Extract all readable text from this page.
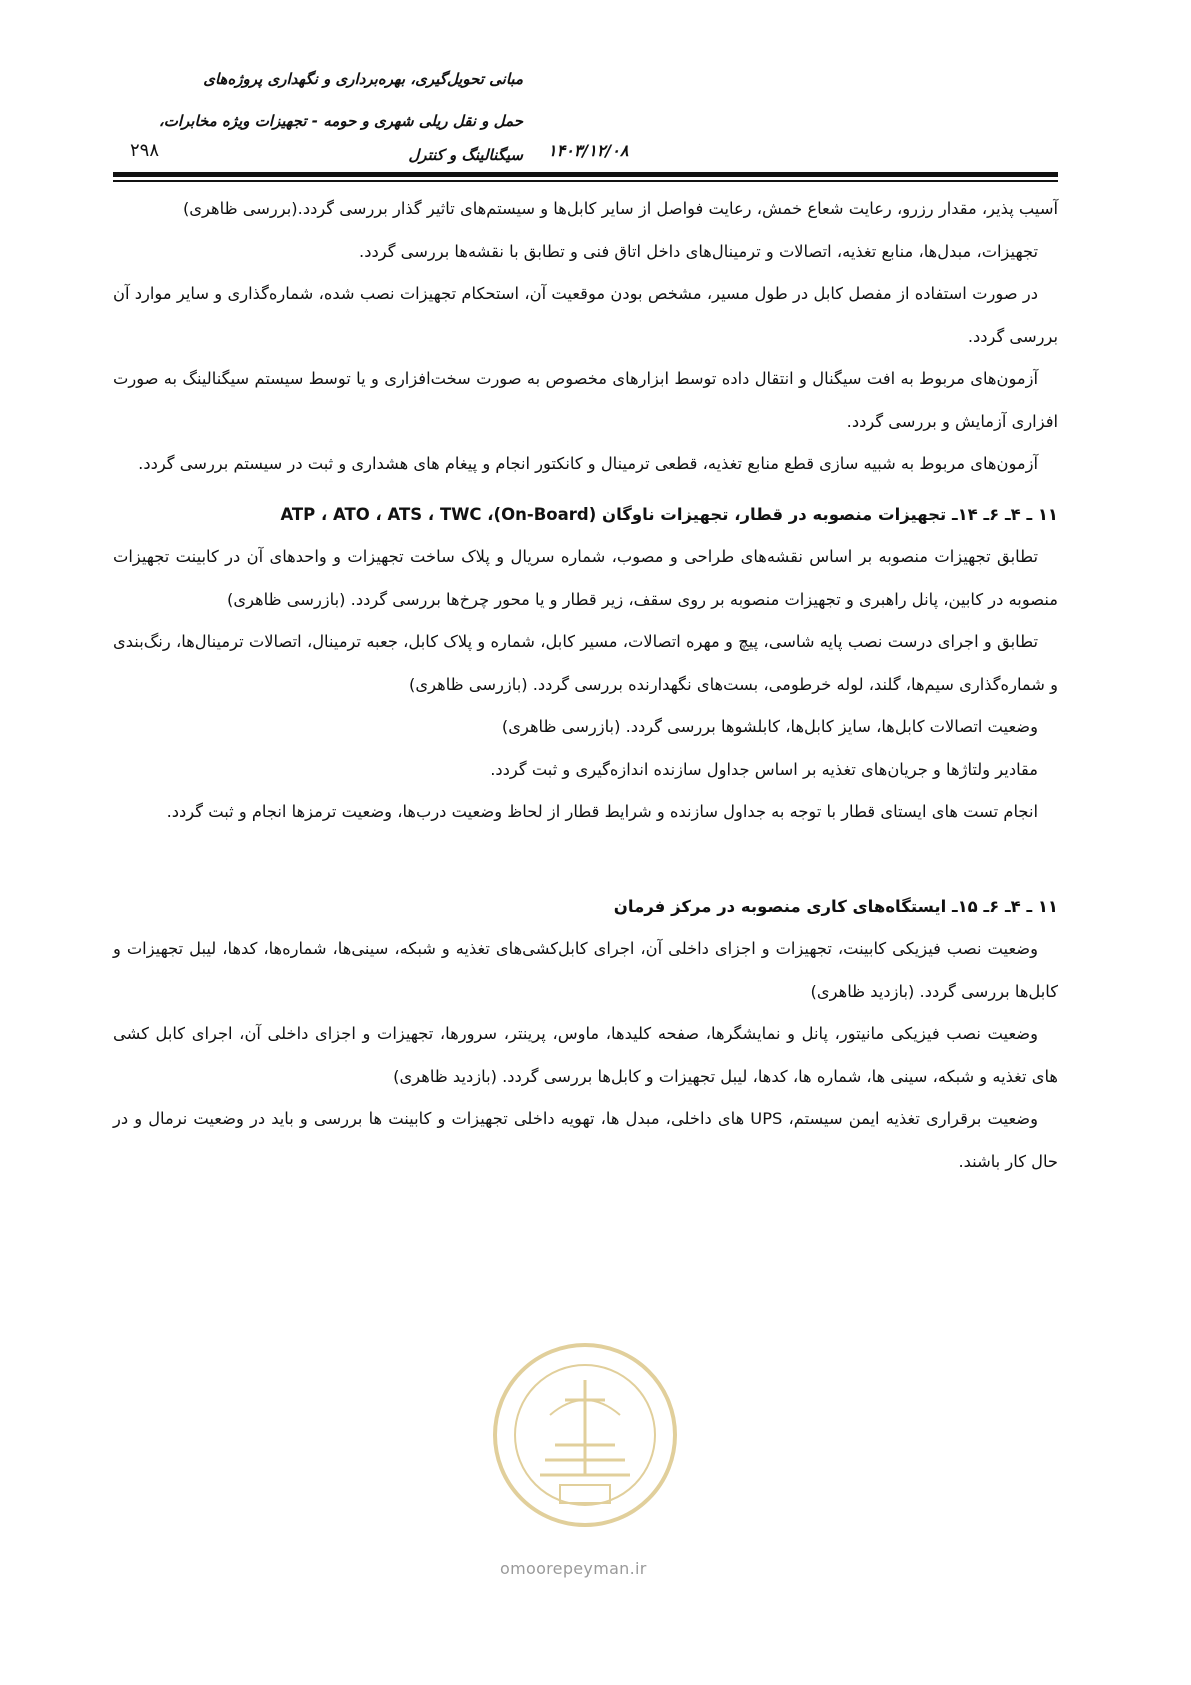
مبانی تحویل‌گیری، بهره‌برداری و نگهداری پروژه‌های
حمل و نقل ریلی شهری و حومه - تجهیزات ویژه مخابرات،
سیگنالینگ و کنترل ۱۴۰۳/۱۲/۰۸
۲۹۸

آسیب پذیر، مقدار رزرو، رعایت شعاع خمش، رعایت فواصل از سایر کابل‌ها و سیستم‌های تاثیر گذار بررسی گردد.(بررسی ظاهری)

تجهیزات، مبدل‌ها، منابع تغذیه، اتصالات و ترمینال‌های داخل اتاق فنی و تطابق با نقشه‌ها بررسی گردد.

در صورت استفاده از مفصل کابل در طول مسیر، مشخص بودن موقعیت آن، استحکام تجهیزات نصب شده، شماره‌گذاری و سایر موارد آن بررسی گردد.

آزمون‌های مربوط به افت سیگنال و انتقال داده توسط ابزارهای مخصوص به صورت سخت‌افزاری و یا توسط سیستم سیگنالینگ به صورت افزاری آزمایش و بررسی گردد.

آزمون‌های مربوط به شبیه سازی قطع منابع تغذیه، قطعی ترمینال و کانکتور انجام و پیغام های هشداری و ثبت در سیستم بررسی گردد.

۱۱ ـ ۴ـ ۶ـ ۱۴ـ تجهیزات منصوبه در قطار، تجهیزات ناوگان (On-Board)، ATP ، ATO ، ATS ، TWC

تطابق تجهیزات منصوبه بر اساس نقشه‌های طراحی و مصوب، شماره سریال و پلاک ساخت تجهیزات و واحدهای آن در کابینت تجهیزات منصوبه در کابین، پانل راهبری و تجهیزات منصوبه بر روی سقف، زیر قطار و یا محور چرخ‌ها بررسی گردد. (بازرسی ظاهری)

تطابق و اجرای درست نصب پایه شاسی، پیچ و مهره اتصالات، مسیر کابل، شماره و پلاک کابل، جعبه ترمینال، اتصالات ترمینال‌ها، رنگ‌بندی و شماره‌گذاری سیم‌ها، گلند، لوله خرطومی، بست‌های نگهدارنده بررسی گردد. (بازرسی ظاهری)

وضعیت اتصالات کابل‌ها، سایز کابل‌ها، کابلشوها بررسی گردد. (بازرسی ظاهری)

مقادیر ولتاژها و جریان‌های تغذیه بر اساس جداول سازنده اندازه‌گیری و ثبت گردد.

انجام تست های ایستای قطار با توجه به جداول سازنده و شرایط قطار از لحاظ وضعیت درب‌ها، وضعیت ترمزها انجام و ثبت گردد.

۱۱ ـ ۴ـ ۶ـ ۱۵ـ ایستگاه‌های کاری منصوبه در مرکز فرمان

وضعیت نصب فیزیکی کابینت، تجهیزات و اجزای داخلی آن، اجرای کابل‌کشی‌های تغذیه و شبکه، سینی‌ها، شماره‌ها، کدها، لیبل تجهیزات و کابل‌ها بررسی گردد. (بازدید ظاهری)

وضعیت نصب فیزیکی مانیتور، پانل و نمایشگرها، صفحه کلیدها، ماوس، پرینتر، سرورها، تجهیزات و اجزای داخلی آن، اجرای کابل کشی های تغذیه و شبکه، سینی ها، شماره ها، کدها، لیبل تجهیزات و کابل‌ها بررسی گردد. (بازدید ظاهری)

وضعیت برقراری تغذیه ایمن سیستم، UPS های داخلی، مبدل ها، تهویه داخلی تجهیزات و کابینت ها بررسی و باید در وضعیت نرمال و در حال کار باشند.

omoorepeyman.ir
